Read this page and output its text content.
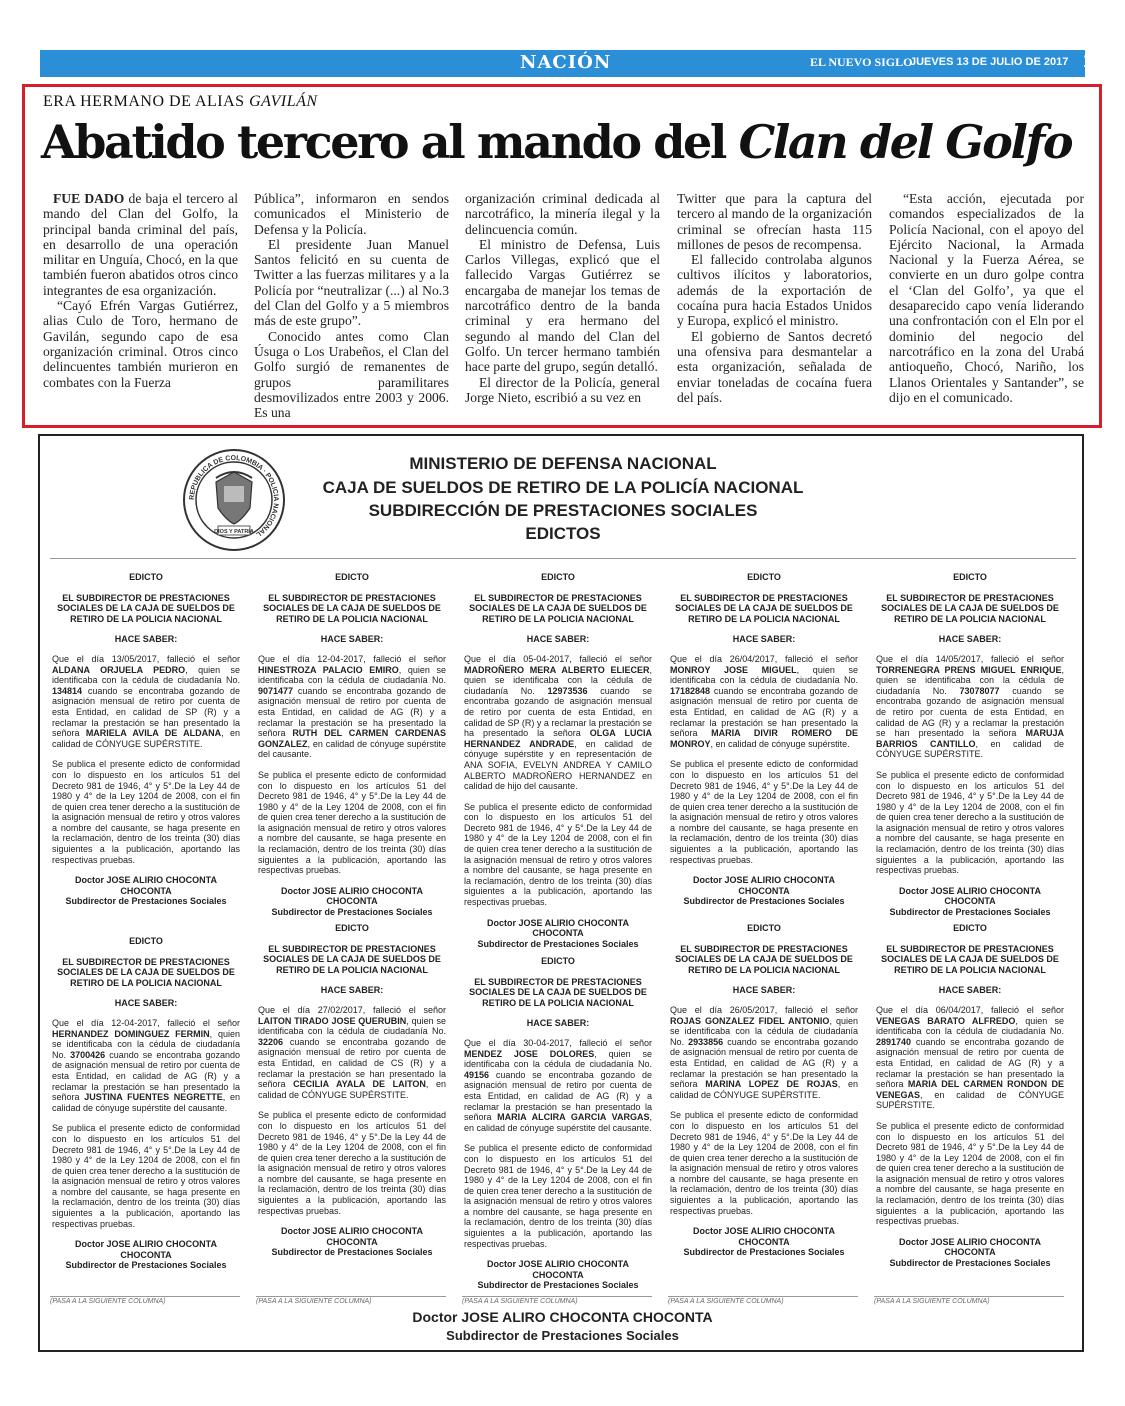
NACIÓN	EL NUEVO SIGLO
JUEVES 13 DE JULIO DE 2017 19A
ERA HERMANO DE ALIAS GAVILÁN
Abatido tercero al mando del Clan del Golfo

FUE DADO de baja el tercero al mando del Clan del Golfo, la principal banda criminal del país, en desarrollo de una operación militar en Unguía, Chocó, en la que también fueron abatidos otros cinco integrantes de esa organización.

“Cayó Efrén Vargas Gutiérrez, alias Culo de Toro, hermano de Gavilán, segundo capo de esa organización criminal. Otros cinco delincuentes también murieron en combates con la Fuerza

Pública”, informaron en sendos comunicados el Ministerio de Defensa y la Policía.

El presidente Juan Manuel Santos felicitó en su cuenta de Twitter a las fuerzas militares y a la Policía por “neutralizar (...) al No.3 del Clan del Golfo y a 5 miembros más de este grupo”.

Conocido antes como Clan Úsuga o Los Urabeños, el Clan del Golfo surgió de remanentes de grupos paramilitares desmovilizados entre 2003 y 2006. Es una

organización criminal dedicada al narcotráfico, la minería ilegal y la delincuencia común.

El ministro de Defensa, Luis Carlos Villegas, explicó que el fallecido Vargas Gutiérrez se encargaba de manejar los temas de narcotráfico dentro de la banda criminal y era hermano del segundo al mando del Clan del Golfo. Un tercer hermano también hace parte del grupo, según detalló.

El director de la Policía, general Jorge Nieto, escribió a su vez en

Twitter que para la captura del tercero al mando de la organización criminal se ofrecían hasta 115 millones de pesos de recompensa.

El fallecido controlaba algunos cultivos ilícitos y laboratorios, además de la exportación de cocaína pura hacia Estados Unidos y Europa, explicó el ministro.

El gobierno de Santos decretó una ofensiva para desmantelar a esta organización, señalada de enviar toneladas de cocaína fuera del país.

“Esta acción, ejecutada por comandos especializados de la Policía Nacional, con el apoyo del Ejército Nacional, la Armada Nacional y la Fuerza Aérea, se convierte en un duro golpe contra el ‘Clan del Golfo’, ya que el desaparecido capo venía liderando una confrontación con el Eln por el dominio del negocio del narcotráfico en la zona del Urabá antioqueño, Chocó, Nariño, los Llanos Orientales y Santander”, se dijo en el comunicado.

REPUBLICA DE COLOMBIA · POLICIA NACIONAL
DIOS Y PATRIA
MINISTERIO DE DEFENSA NACIONAL
CAJA DE SUELDOS DE RETIRO DE LA POLICÍA NACIONAL
SUBDIRECCIÓN DE PRESTACIONES SOCIALES
EDICTOS
EDICTO
EL SUBDIRECTOR DE PRESTACIONES SOCIALES DE LA CAJA DE SUELDOS DE RETIRO DE LA POLICIA NACIONAL
HACE SABER:
Que el día 13/05/2017, falleció el señor ALDANA ORJUELA PEDRO, quien se identificaba con la cédula de ciudadanía No. 134814 cuando se encontraba gozando de asignación mensual de retiro por cuenta de esta Entidad, en calidad de SP (R) y a reclamar la prestación se han presentado la señora MARIELA AVILA DE ALDANA, en calidad de CÓNYUGE SUPÉRSTITE.
Se publica el presente edicto de conformidad con lo dispuesto en los artículos 51 del Decreto 981 de 1946, 4° y 5°.De la Ley 44 de 1980 y 4° de la Ley 1204 de 2008, con el fin de quien crea tener derecho a la sustitución de la asignación mensual de retiro y otros valores a nombre del causante, se haga presente en la reclamación, dentro de los treinta (30) días siguientes a la publicación, aportando las respectivas pruebas.
Doctor JOSE ALIRIO CHOCONTA CHOCONTA
Subdirector de Prestaciones Sociales
EDICTO
EL SUBDIRECTOR DE PRESTACIONES SOCIALES DE LA CAJA DE SUELDOS DE RETIRO DE LA POLICIA NACIONAL
HACE SABER:
Que el día 12-04-2017, falleció el señor HINESTROZA PALACIO EMIRO, quien se identificaba con la cédula de ciudadanía No. 9071477 cuando se encontraba gozando de asignación mensual de retiro por cuenta de esta Entidad, en calidad de AG (R) y a reclamar la prestación se ha presentado la señora RUTH DEL CARMEN CARDENAS GONZALEZ, en calidad de cónyuge supérstite del causante.
Se publica el presente edicto de conformidad con lo dispuesto en los artículos 51 del Decreto 981 de 1946, 4° y 5°.De la Ley 44 de 1980 y 4° de la Ley 1204 de 2008, con el fin de quien crea tener derecho a la sustitución de la asignación mensual de retiro y otros valores a nombre del causante, se haga presente en la reclamación, dentro de los treinta (30) días siguientes a la publicación, aportando las respectivas pruebas.
Doctor JOSE ALIRIO CHOCONTA CHOCONTA
Subdirector de Prestaciones Sociales
EDICTO
EL SUBDIRECTOR DE PRESTACIONES SOCIALES DE LA CAJA DE SUELDOS DE RETIRO DE LA POLICIA NACIONAL
HACE SABER:
Que el día 05-04-2017, falleció el señor MADROÑERO MERA ALBERTO ELIECER, quien se identificaba con la cédula de ciudadanía No. 12973536 cuando se encontraba gozando de asignación mensual de retiro por cuenta de esta Entidad, en calidad de SP (R) y a reclamar la prestación se ha presentado la señora OLGA LUCIA HERNANDEZ ANDRADE, en calidad de cónyuge supérstite y en representación de ANA SOFIA, EVELYN ANDREA Y CAMILO ALBERTO MADROÑERO HERNANDEZ en calidad de hijo del causante.
Se publica el presente edicto de conformidad con lo dispuesto en los artículos 51 del Decreto 981 de 1946, 4° y 5°.De la Ley 44 de 1980 y 4° de la Ley 1204 de 2008, con el fin de quien crea tener derecho a la sustitución de la asignación mensual de retiro y otros valores a nombre del causante, se haga presente en la reclamación, dentro de los treinta (30) días siguientes a la publicación, aportando las respectivas pruebas.
Doctor JOSE ALIRIO CHOCONTA CHOCONTA
Subdirector de Prestaciones Sociales
EDICTO
EL SUBDIRECTOR DE PRESTACIONES SOCIALES DE LA CAJA DE SUELDOS DE RETIRO DE LA POLICIA NACIONAL
HACE SABER:
Que el día 26/04/2017, falleció el señor MONROY JOSE MIGUEL, quien se identificaba con la cédula de ciudadanía No. 17182848 cuando se encontraba gozando de asignación mensual de retiro por cuenta de esta Entidad, en calidad de AG (R) y a reclamar la prestación se han presentado la señora MARIA DIVIR ROMERO DE MONROY, en calidad de cónyuge supérstite.
Se publica el presente edicto de conformidad con lo dispuesto en los artículos 51 del Decreto 981 de 1946, 4° y 5°.De la Ley 44 de 1980 y 4° de la Ley 1204 de 2008, con el fin de quien crea tener derecho a la sustitución de la asignación mensual de retiro y otros valores a nombre del causante, se haga presente en la reclamación, dentro de los treinta (30) días siguientes a la publicación, aportando las respectivas pruebas.
Doctor JOSE ALIRIO CHOCONTA CHOCONTA
Subdirector de Prestaciones Sociales
EDICTO
EL SUBDIRECTOR DE PRESTACIONES SOCIALES DE LA CAJA DE SUELDOS DE RETIRO DE LA POLICIA NACIONAL
HACE SABER:
Que el día 14/05/2017, falleció el señor TORRENEGRA PRENS MIGUEL ENRIQUE, quien se identificaba con la cédula de ciudadanía No. 73078077 cuando se encontraba gozando de asignación mensual de retiro por cuenta de esta Entidad, en calidad de AG (R) y a reclamar la prestación se han presentado la señora MARUJA BARRIOS CANTILLO, en calidad de CÓNYUGE SUPÉRSTITE.
Se publica el presente edicto de conformidad con lo dispuesto en los artículos 51 del Decreto 981 de 1946, 4° y 5°.De la Ley 44 de 1980 y 4° de la Ley 1204 de 2008, con el fin de quien crea tener derecho a la sustitución de la asignación mensual de retiro y otros valores a nombre del causante, se haga presente en la reclamación, dentro de los treinta (30) días siguientes a la publicación, aportando las respectivas pruebas.
Doctor JOSE ALIRIO CHOCONTA CHOCONTA
Subdirector de Prestaciones Sociales
EDICTO
EL SUBDIRECTOR DE PRESTACIONES SOCIALES DE LA CAJA DE SUELDOS DE RETIRO DE LA POLICIA NACIONAL
HACE SABER:
Que el día 12-04-2017, falleció el señor HERNANDEZ DOMINGUEZ FERMIN, quien se identificaba con la cédula de ciudadanía No. 3700426 cuando se encontraba gozando de asignación mensual de retiro por cuenta de esta Entidad, en calidad de AG (R) y a reclamar la prestación se han presentado la señora JUSTINA FUENTES NEGRETTE, en calidad de cónyuge supérstite del causante.
Se publica el presente edicto de conformidad con lo dispuesto en los artículos 51 del Decreto 981 de 1946, 4° y 5°.De la Ley 44 de 1980 y 4° de la Ley 1204 de 2008, con el fin de quien crea tener derecho a la sustitución de la asignación mensual de retiro y otros valores a nombre del causante, se haga presente en la reclamación, dentro de los treinta (30) días siguientes a la publicación, aportando las respectivas pruebas.
Doctor JOSE ALIRIO CHOCONTA CHOCONTA
Subdirector de Prestaciones Sociales
EDICTO
EL SUBDIRECTOR DE PRESTACIONES SOCIALES DE LA CAJA DE SUELDOS DE RETIRO DE LA POLICIA NACIONAL
HACE SABER:
Que el día 27/02/2017, falleció el señor LAITON TIRADO JOSE QUERUBIN, quien se identificaba con la cédula de ciudadanía No. 32206 cuando se encontraba gozando de asignación mensual de retiro por cuenta de esta Entidad, en calidad de CS (R) y a reclamar la prestación se han presentado la señora CECILIA AYALA DE LAITON, en calidad de CÓNYUGE SUPÉRSTITE.
Se publica el presente edicto de conformidad con lo dispuesto en los artículos 51 del Decreto 981 de 1946, 4° y 5°.De la Ley 44 de 1980 y 4° de la Ley 1204 de 2008, con el fin de quien crea tener derecho a la sustitución de la asignación mensual de retiro y otros valores a nombre del causante, se haga presente en la reclamación, dentro de los treinta (30) días siguientes a la publicación, aportando las respectivas pruebas.
Doctor JOSE ALIRIO CHOCONTA CHOCONTA
Subdirector de Prestaciones Sociales
EDICTO
EL SUBDIRECTOR DE PRESTACIONES SOCIALES DE LA CAJA DE SUELDOS DE RETIRO DE LA POLICIA NACIONAL
HACE SABER:
Que el día 30-04-2017, falleció el señor MENDEZ JOSE DOLORES, quien se identificaba con la cédula de ciudadanía No. 49156 cuando se encontraba gozando de asignación mensual de retiro por cuenta de esta Entidad, en calidad de AG (R) y a reclamar la prestación se han presentado la señora MARIA ALCIRA GARCIA VARGAS, en calidad de cónyuge supérstite del causante.
Se publica el presente edicto de conformidad con lo dispuesto en los artículos 51 del Decreto 981 de 1946, 4° y 5°.De la Ley 44 de 1980 y 4° de la Ley 1204 de 2008, con el fin de quien crea tener derecho a la sustitución de la asignación mensual de retiro y otros valores a nombre del causante, se haga presente en la reclamación, dentro de los treinta (30) días siguientes a la publicación, aportando las respectivas pruebas.
Doctor JOSE ALIRIO CHOCONTA CHOCONTA
Subdirector de Prestaciones Sociales
EDICTO
EL SUBDIRECTOR DE PRESTACIONES SOCIALES DE LA CAJA DE SUELDOS DE RETIRO DE LA POLICIA NACIONAL
HACE SABER:
Que el día 26/05/2017, falleció el señor ROJAS GONZALEZ FIDEL ANTONIO, quien se identificaba con la cédula de ciudadanía No. 2933856 cuando se encontraba gozando de asignación mensual de retiro por cuenta de esta Entidad, en calidad de AG (R) y a reclamar la prestación se han presentado la señora MARINA LOPEZ DE ROJAS, en calidad de CÓNYUGE SUPÉRSTITE.
Se publica el presente edicto de conformidad con lo dispuesto en los artículos 51 del Decreto 981 de 1946, 4° y 5°.De la Ley 44 de 1980 y 4° de la Ley 1204 de 2008, con el fin de quien crea tener derecho a la sustitución de la asignación mensual de retiro y otros valores a nombre del causante, se haga presente en la reclamación, dentro de los treinta (30) días siguientes a la publicación, aportando las respectivas pruebas.
Doctor JOSE ALIRIO CHOCONTA CHOCONTA
Subdirector de Prestaciones Sociales
EDICTO
EL SUBDIRECTOR DE PRESTACIONES SOCIALES DE LA CAJA DE SUELDOS DE RETIRO DE LA POLICIA NACIONAL
HACE SABER:
Que el día 06/04/2017, falleció el señor VENEGAS BARATO ALFREDO, quien se identificaba con la cédula de ciudadanía No. 2891740 cuando se encontraba gozando de asignación mensual de retiro por cuenta de esta Entidad, en calidad de AG (R) y a reclamar la prestación se han presentado la señora MARIA DEL CARMEN RONDON DE VENEGAS, en calidad de CÓNYUGE SUPÉRSTITE.
Se publica el presente edicto de conformidad con lo dispuesto en los artículos 51 del Decreto 981 de 1946, 4° y 5°.De la Ley 44 de 1980 y 4° de la Ley 1204 de 2008, con el fin de quien crea tener derecho a la sustitución de la asignación mensual de retiro y otros valores a nombre del causante, se haga presente en la reclamación, dentro de los treinta (30) días siguientes a la publicación, aportando las respectivas pruebas.
Doctor JOSE ALIRIO CHOCONTA CHOCONTA
Subdirector de Prestaciones Sociales
(PASA A LA SIGUIENTE COLUMNA)	(PASA A LA SIGUIENTE COLUMNA)	(PASA A LA SIGUIENTE COLUMNA)	(PASA A LA SIGUIENTE COLUMNA)	(PASA A LA SIGUIENTE COLUMNA)
Doctor JOSE ALIRO CHOCONTA CHOCONTA
Subdirector de Prestaciones Sociales
